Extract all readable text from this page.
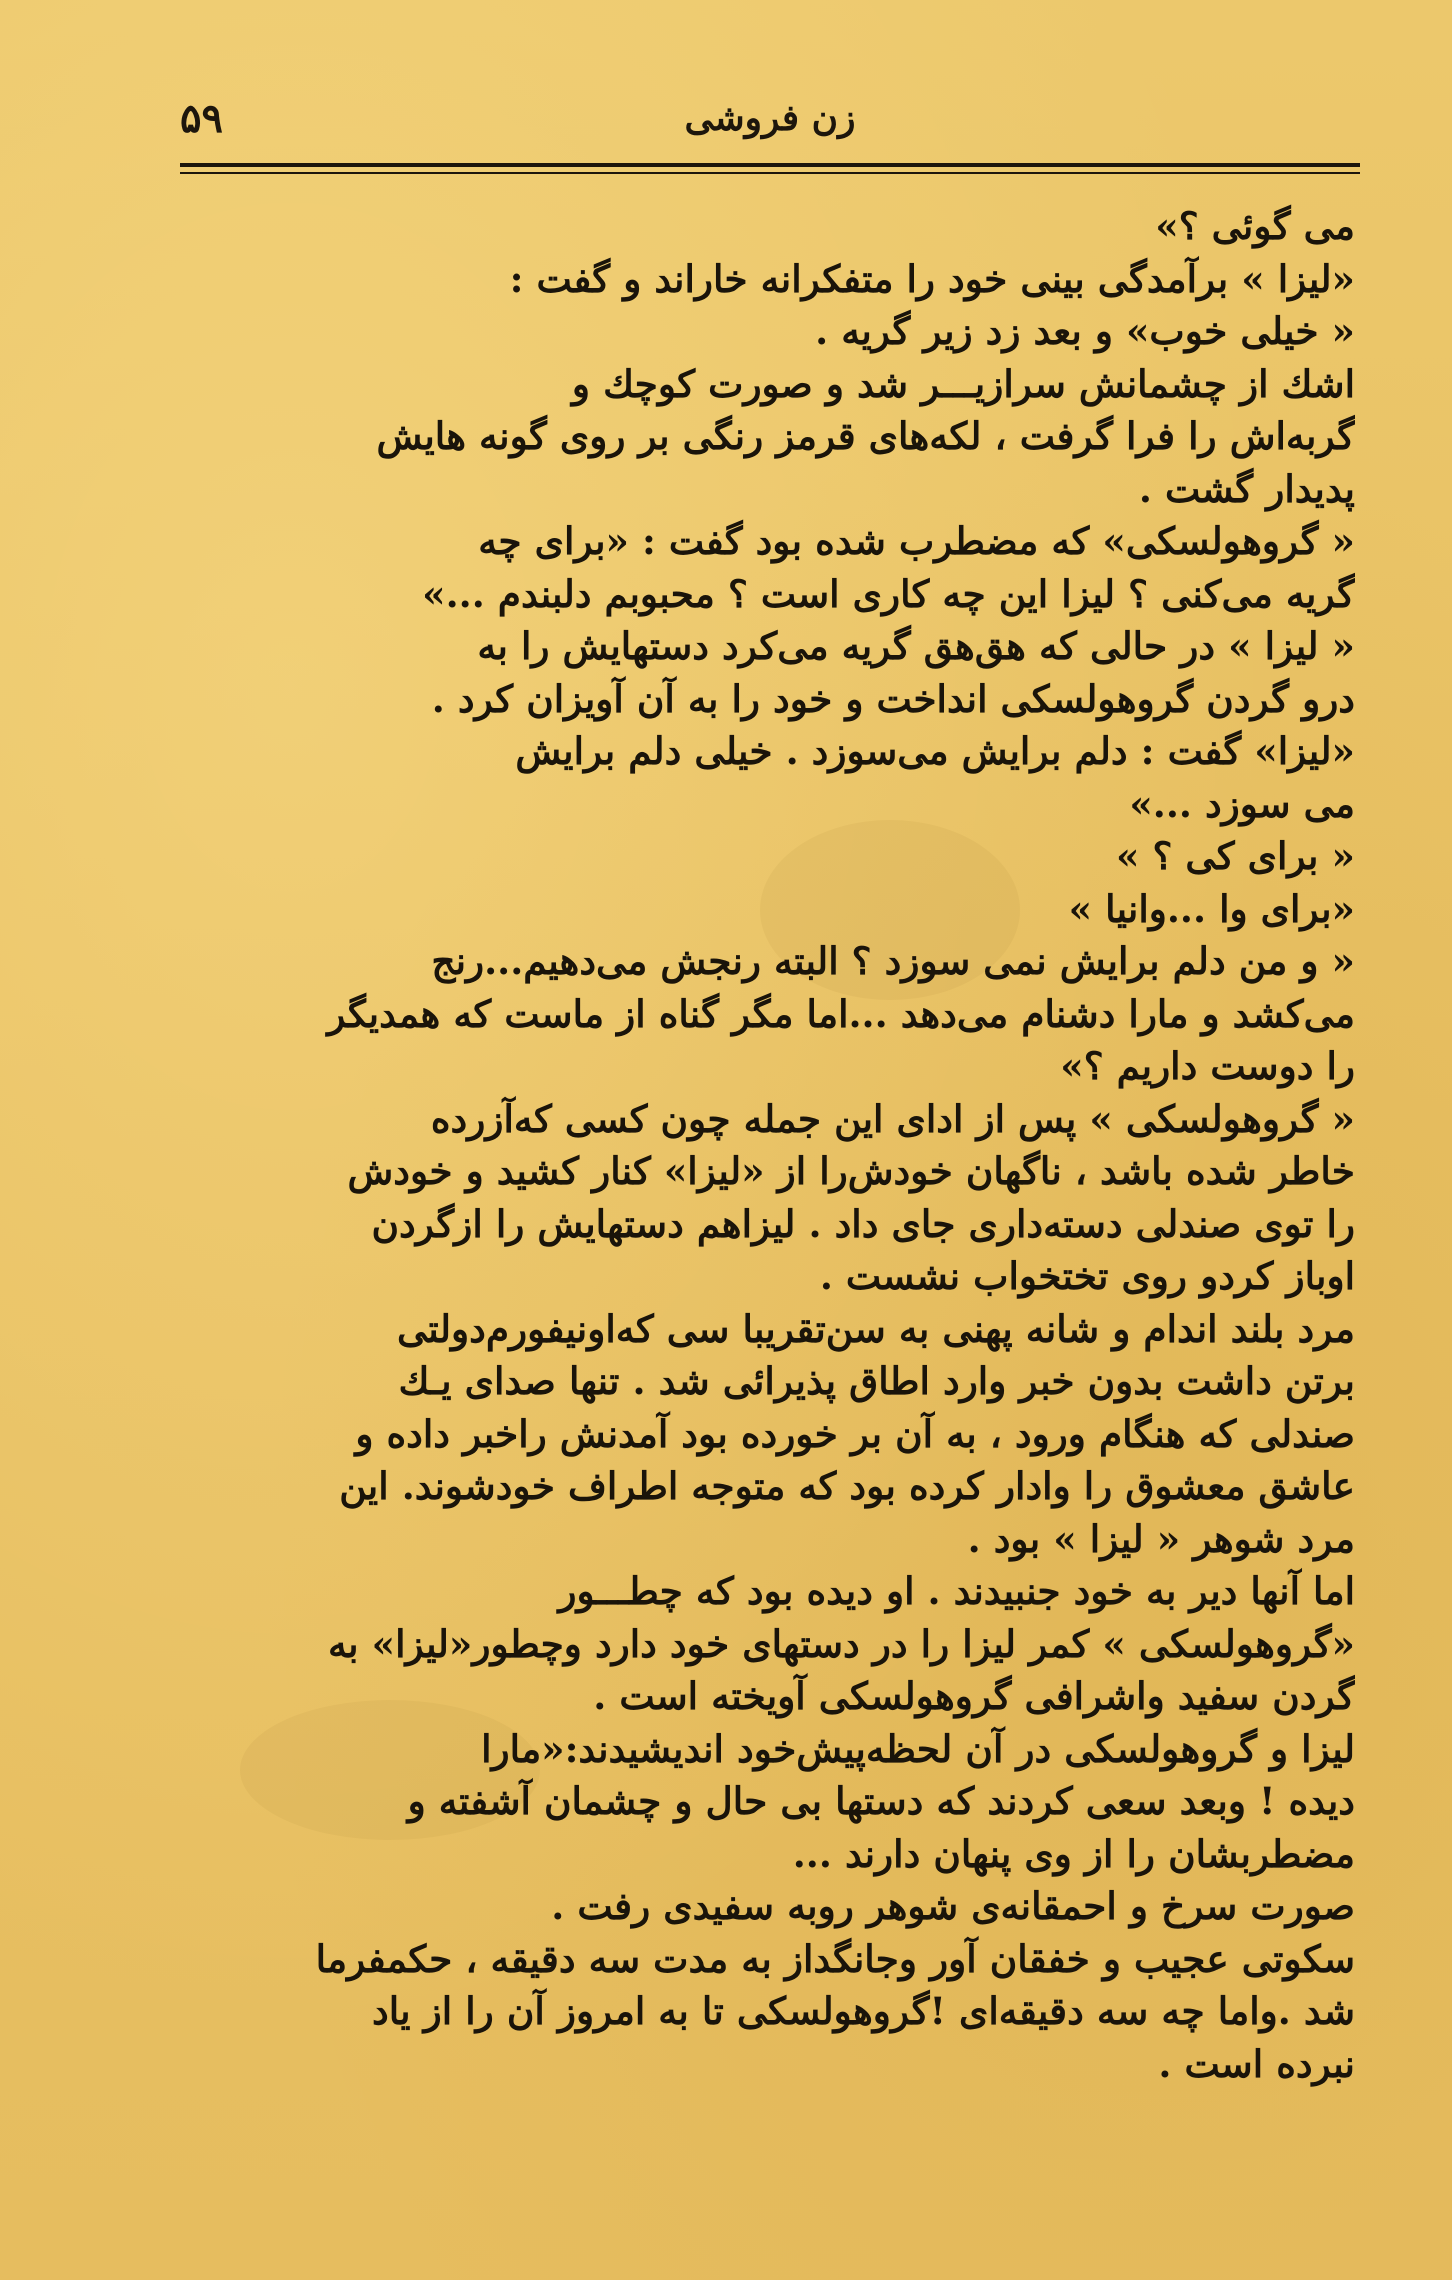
۵۹	زن فروشی
می گوئی ؟»
«لیزا » برآمدگی بینی خود را متفکرانه خاراند و گفت :
« خیلی خوب» و بعد زد زیر گریه .
اشك از چشمانش سرازیـــر شد و صورت کوچك و
گربه‌اش را فرا گرفت ، لکه‌های قرمز رنگی بر روی گونه هایش
پدیدار گشت .
« گروهولسکی» که مضطرب شده بود گفت : «برای چه
گریه می‌کنی ؟ لیزا این چه کاری است ؟ محبوبم دلبندم ...»
« لیزا » در حالی که هق‌هق گریه می‌کرد دستهایش را به
درو گردن گروهولسکی انداخت و خود را به آن آویزان کرد .
«لیزا» گفت : دلم برایش می‌سوزد . خیلی دلم برایش
می سوزد ...»
« برای کی ؟ »
«برای وا ...وانیا »
« و من دلم برایش نمی سوزد ؟ البته رنجش می‌دهیم...رنج
می‌کشد و مارا دشنام می‌دهد ...اما مگر گناه از ماست که همدیگر
را دوست داریم ؟»
« گروهولسکی » پس از ادای این جمله چون کسی که‌آزرده
خاطر شده باشد ، ناگهان خودش‌را از «لیزا» کنار کشید و خودش
را توی صندلی دسته‌داری جای داد . لیزاهم دستهایش را ازگردن
اوباز کردو روی تختخواب نشست .
مرد بلند اندام و شانه پهنی به سن‌تقریبا سی که‌اونیفورم‌دولتی
برتن داشت بدون خبر وارد اطاق پذیرائی شد . تنها صدای یـك
صندلی که هنگام ورود ، به آن بر خورده بود آمدنش راخبر داده و
عاشق معشوق را وادار کرده بود که متوجه اطراف خودشوند. این
مرد شوهر « لیزا » بود .
اما آنها دیر به خود جنبیدند . او دیده بود که چطـــور
«گروهولسکی » کمر لیزا را در دستهای خود دارد وچطور«لیزا» به
گردن سفید واشرافی گروهولسکی آویخته است .
لیزا و گروهولسکی در آن لحظه‌پیش‌خود اندیشیدند:«مارا
دیده ! وبعد سعی کردند که دستها بی حال و چشمان آشفته و
مضطربشان را از وی پنهان دارند ...
صورت سرخ و احمقانه‌ی شوهر روبه سفیدی رفت .
سکوتی عجیب و خفقان آور وجانگداز به مدت سه دقیقه ، حکمفرما
شد .واما چه سه دقیقه‌ای !گروهولسکی تا به امروز آن را از یاد
نبرده است .
